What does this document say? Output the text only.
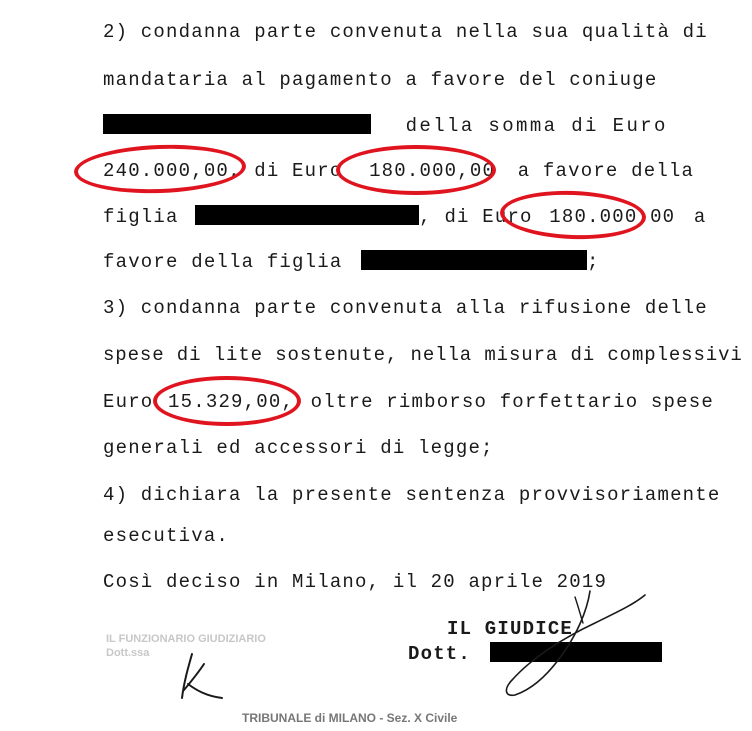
2) condanna parte convenuta nella sua qualità di
mandataria al pagamento a favore del coniuge
della somma di Euro
240.000,00, di Euro 180.000,00 a favore della
figlia	, di Euro 180.000,00 a
favore della figlia	;
3) condanna parte convenuta alla rifusione delle
spese di lite sostenute, nella misura di complessivi
Euro 15.329,00, oltre rimborso forfettario spese
generali ed accessori di legge;
4) dichiara la presente sentenza provvisoriamente
esecutiva.
Così deciso in Milano, il 20 aprile 2019
IL GIUDICE
Dott.
IL FUNZIONARIO GIUDIZIARIO
Dott.ssa
TRIBUNALE di MILANO - Sez. X Civile
